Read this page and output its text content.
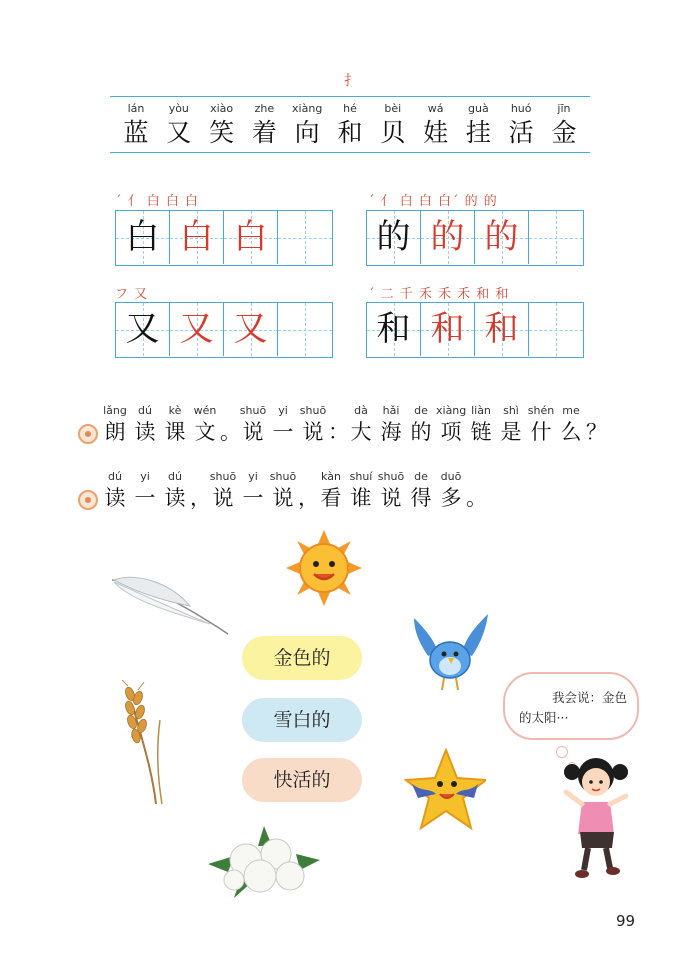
⺘
lán
蓝
yòu
又
xiào
笑
zhe
着
xiàng
向
hé
和
bèi
贝
wá
娃
guà
挂
huó
活
jīn
金
´ 亻 白 白 白
白 白 白
´ 亻 白 白 白´ 的 的
的 的 的
フ 又
又 又 又
´ 二 千 禾 禾 禾 和 和
和 和 和
lǎng
朗
dú
读
kè
课
wén
文 。
shuō
说
yi
一
shuō
说 ：
dà
大
hǎi
海
de
的
xiàng
项
liàn
链
shì
是
shén
什
me
么 ？
dú
读
yi
一
dú
读 ，
shuō
说
yi
一
shuō
说 ，
kàn
看
shuí
谁
shuō
说
de
得
duō
多 。
金色的
雪白的
快活的
我会说：金色
的太阳···
99
